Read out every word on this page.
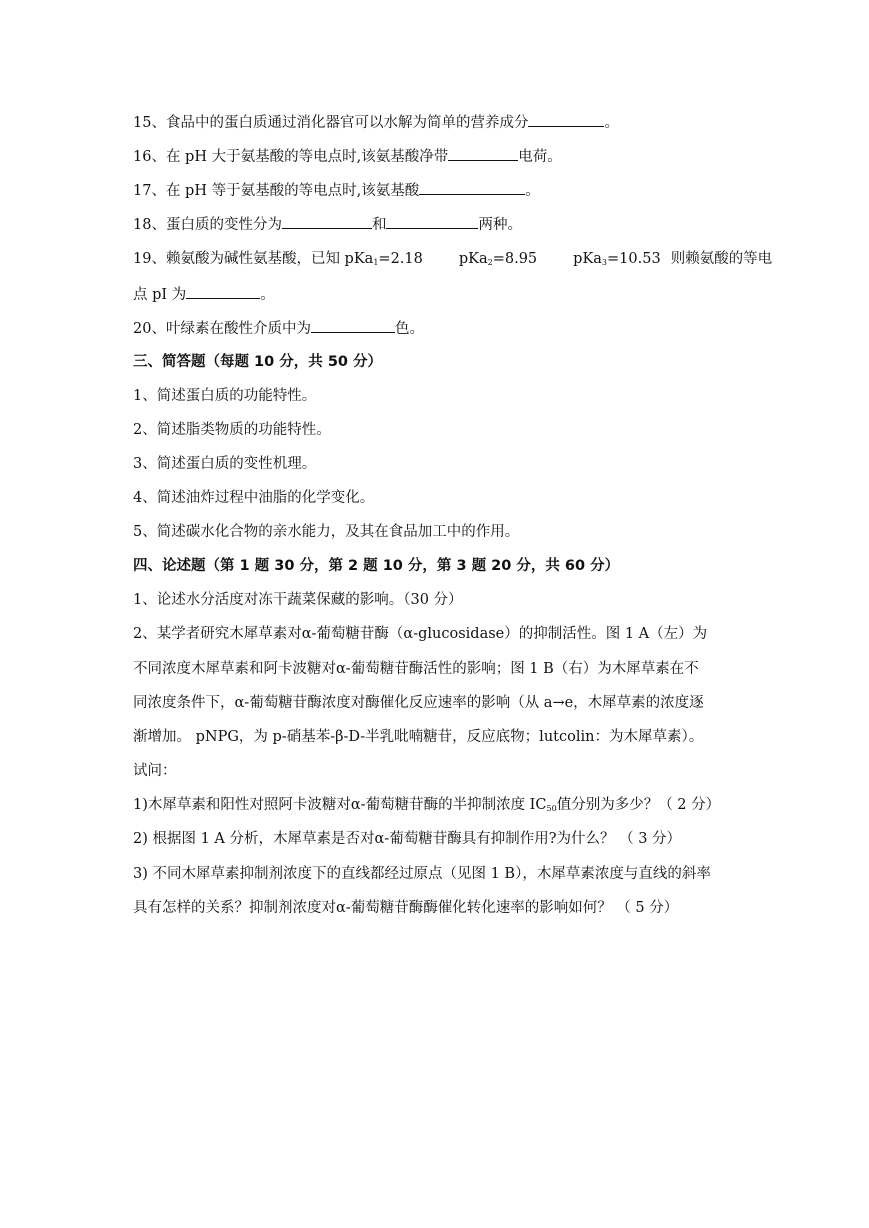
15、食品中的蛋白质通过消化器官可以水解为简单的营养成分	。
16、在 pH 大于氨基酸的等电点时,该氨基酸净带	电荷。
17、在 pH 等于氨基酸的等电点时,该氨基酸	。
18、蛋白质的变性分为	和	两种。
19、赖氨酸为碱性氨基酸，已知 pKa$_1$=2.18 pKa$_2$=8.95 pKa$_3$=10.53 则赖氨酸的等电
点 pI 为	。
20、叶绿素在酸性介质中为	色。
三、简答题（每题 10 分，共 50 分）
1、简述蛋白质的功能特性。
2、简述脂类物质的功能特性。
3、简述蛋白质的变性机理。
4、简述油炸过程中油脂的化学变化。
5、简述碳水化合物的亲水能力，及其在食品加工中的作用。
四、论述题（第 1 题 30 分，第 2 题 10 分，第 3 题 20 分，共 60 分）
1、论述水分活度对冻干蔬菜保藏的影响。（30 分）
2、某学者研究木犀草素对α-葡萄糖苷酶（α-glucosidase）的抑制活性。图 1 A（左）为
不同浓度木犀草素和阿卡波糖对α-葡萄糖苷酶活性的影响；图 1 B（右）为木犀草素在不
同浓度条件下，α-葡萄糖苷酶浓度对酶催化反应速率的影响（从 a→e，木犀草素的浓度逐
渐增加。 pNPG，为 p-硝基苯-β-D-半乳吡喃糖苷，反应底物；lutcolin：为木犀草素）。
试问：
1)木犀草素和阳性对照阿卡波糖对α-葡萄糖苷酶的半抑制浓度 $IC_{50}$值分别为多少？（ 2 分）
2) 根据图 1 A 分析，木犀草素是否对α-葡萄糖苷酶具有抑制作用?为什么？ （ 3 分）
3) 不同木犀草素抑制剂浓度下的直线都经过原点（见图 1 B），木犀草素浓度与直线的斜率
具有怎样的关系？抑制剂浓度对α-葡萄糖苷酶酶催化转化速率的影响如何？ （ 5 分）
